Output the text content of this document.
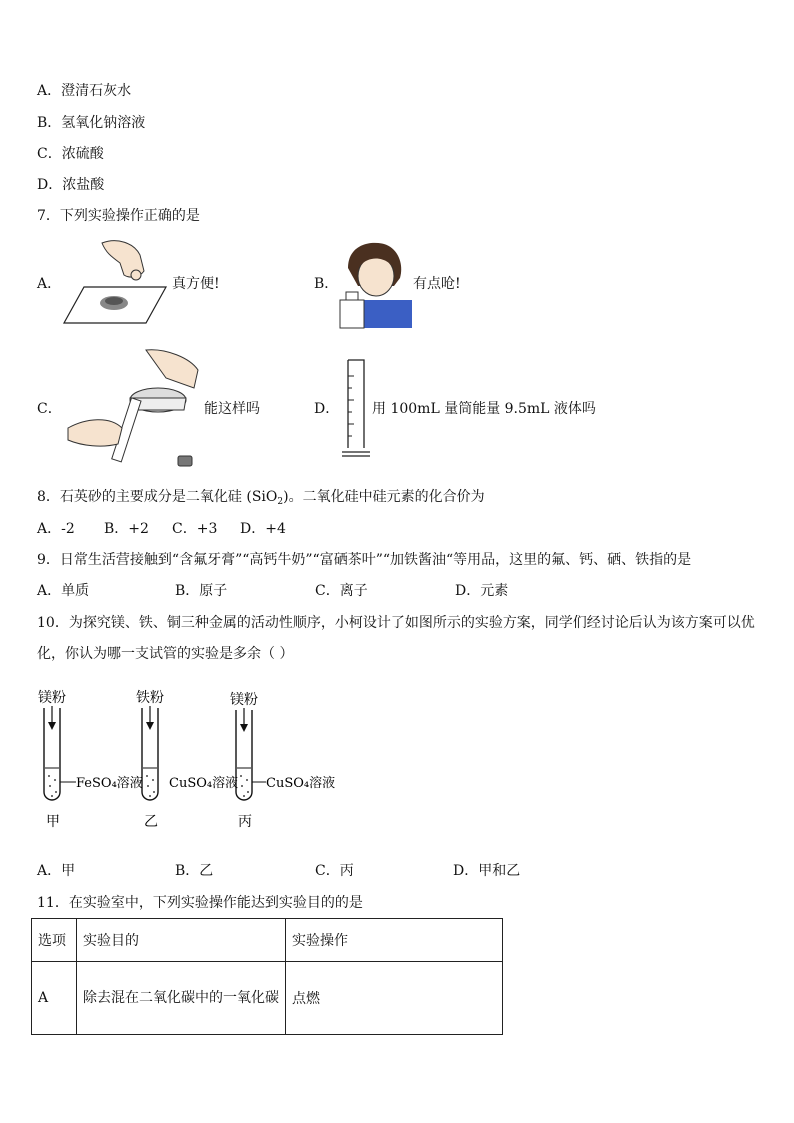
A．澄清石灰水
B．氢氧化钠溶液
C．浓硫酸
D．浓盐酸
7．下列实验操作正确的是
A．	真方便!	B．	有点呛!
C．	能这样吗	D． 用 100mL 量筒能量 9.5mL 液体吗
8．石英砂的主要成分是二氧化硅 (SiO$_2$)。二氧化硅中硅元素的化合价为
A．-2 B．+2 C．+3 D．+4
9．日常生活营接触到“含氟牙膏”“高钙牛奶”“富硒茶叶”“加铁酱油“等用品，这里的氟、钙、硒、铁指的是
A．单质	B．原子	C．离子	D．元素
10．为探究镁、铁、铜三种金属的活动性顺序，小柯设计了如图所示的实验方案，同学们经讨论后认为该方案可以优
化，你认为哪一支试管的实验是多余（ ）
镁粉
FeSO₄溶液
甲
铁粉
CuSO₄溶液
乙
镁粉
CuSO₄溶液
丙
A．甲	B．乙	C．丙	D．甲和乙
11．在实验室中，下列实验操作能达到实验目的的是
选项	实验目的	实验操作
A	除去混在二氧化碳中的一氧化碳	点燃
